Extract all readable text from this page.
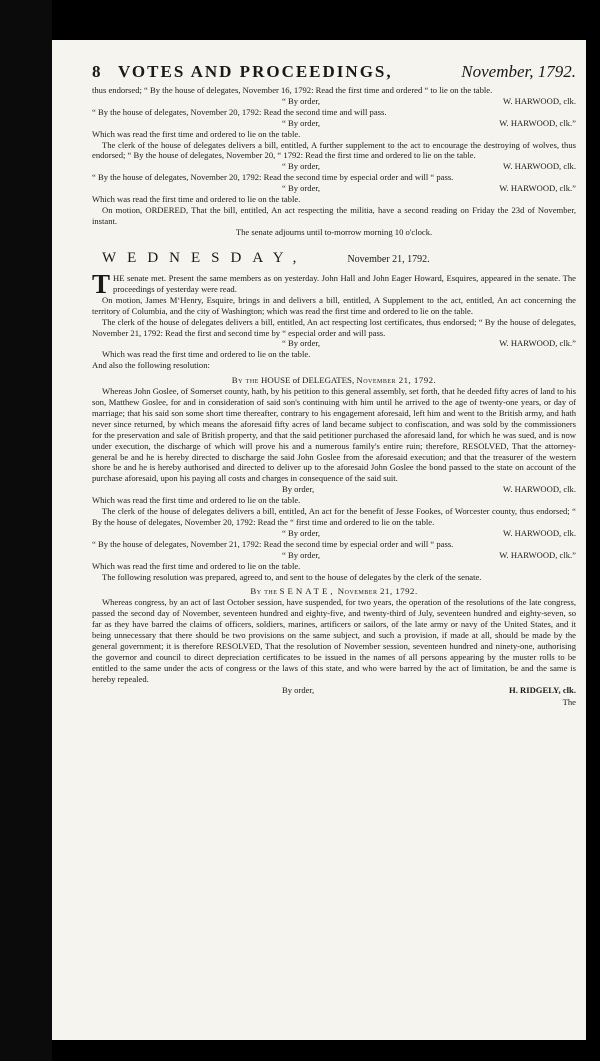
8 VOTES AND PROCEEDINGS,	November, 1792.

thus endorsed; “ By the house of delegates, November 16, 1792: Read the first time and ordered “ to lie on the table.

“ By order,	W. HARWOOD, clk.

“ By the house of delegates, November 20, 1792: Read the second time and will pass.

“ By order,	W. HARWOOD, clk.”

Which was read the first time and ordered to lie on the table.

The clerk of the house of delegates delivers a bill, entitled, A further supplement to the act to encourage the destroying of wolves, thus endorsed; “ By the house of delegates, November 20, “ 1792: Read the first time and ordered to lie on the table.

“ By order,	W. HARWOOD, clk.

“ By the house of delegates, November 20, 1792: Read the second time by especial order and will “ pass.

“ By order,	W. HARWOOD, clk.”

Which was read the first time and ordered to lie on the table.

On motion, ORDERED, That the bill, entitled, An act respecting the militia, have a second reading on Friday the 23d of November, instant.

The senate adjourns until to-morrow morning 10 o'clock.

WEDNESDAY,	November 21, 1792.

THE senate met. Present the same members as on yesterday. John Hall and John Eager Howard, Esquires, appeared in the senate. The proceedings of yesterday were read.

On motion, James M‘Henry, Esquire, brings in and delivers a bill, entitled, A Supplement to the act, entitled, An act concerning the territory of Columbia, and the city of Washington; which was read the first time and ordered to lie on the table.

The clerk of the house of delegates delivers a bill, entitled, An act respecting lost certificates, thus endorsed; “ By the house of delegates, November 21, 1792: Read the first and second time by “ especial order and will pass.

“ By order,	W. HARWOOD, clk.”

Which was read the first time and ordered to lie on the table.

And also the following resolution:

By the HOUSE of DELEGATES, November 21, 1792.

Whereas John Goslee, of Somerset county, hath, by his petition to this general assembly, set forth, that he deeded fifty acres of land to his son, Matthew Goslee, for and in consideration of said son's continuing with him until he arrived to the age of twenty-one years, or day of marriage; that his said son some short time thereafter, contrary to his engagement aforesaid, left him and went to the British army, and hath never since returned, by which means the aforesaid fifty acres of land became subject to confiscation, and was sold by the commissioners for the preservation and sale of British property, and that the said petitioner purchased the aforesaid land, for which he was sued, and is now under execution, the discharge of which will prove his and a numerous family's entire ruin; therefore, RESOLVED, That the attorney-general be and he is hereby directed to discharge the said John Goslee from the aforesaid execution; and that the treasurer of the western shore be and he is hereby authorised and directed to deliver up to the aforesaid John Goslee the bond passed to the state on account of the purchase aforesaid, upon his paying all costs and charges in consequence of the said suit.

By order,	W. HARWOOD, clk.

Which was read the first time and ordered to lie on the table.

The clerk of the house of delegates delivers a bill, entitled, An act for the benefit of Jesse Fookes, of Worcester county, thus endorsed; “ By the house of delegates, November 20, 1792: Read the “ first time and ordered to lie on the table.

“ By order,	W. HARWOOD, clk.

“ By the house of delegates, November 21, 1792: Read the second time by especial order and will “ pass.

“ By order,	W. HARWOOD, clk.”

Which was read the first time and ordered to lie on the table.

The following resolution was prepared, agreed to, and sent to the house of delegates by the clerk of the senate.

By the SENATE, November 21, 1792.

Whereas congress, by an act of last October session, have suspended, for two years, the operation of the resolutions of the late congress, passed the second day of November, seventeen hundred and eighty-five, and twenty-third of July, seventeen hundred and eighty-seven, so far as they have barred the claims of officers, soldiers, marines, artificers or sailors, of the late army or navy of the United States, and it being unnecessary that there should be two provisions on the same subject, and such a provision, if made at all, should be made by the general government; it is therefore RESOLVED, That the resolution of November session, seventeen hundred and ninety-one, authorising the governor and council to direct depreciation certificates to be issued in the names of all persons appearing by the muster rolls to be entitled to the same under the acts of congress or the laws of this state, and who were barred by the act of limitation, be and the same is hereby repealed.

By order,	H. RIDGELY, clk.
The
